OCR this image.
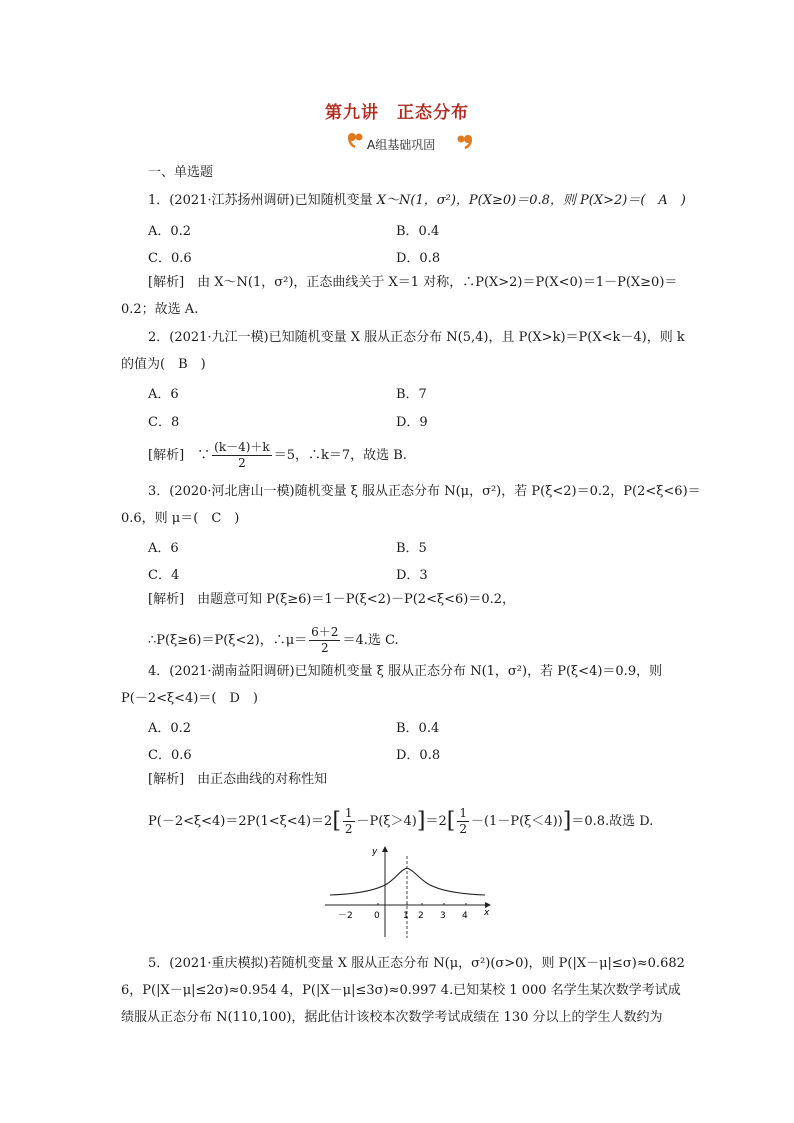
第九讲　正态分布
A组基础巩固
一、单选题
1．(2021·江苏扬州调研)已知随机变量 X～N(1，σ²)，P(X≥0)＝0.8，则 P(X>2)＝(　A　)
A．0.2	B．0.4
C．0.6	D．0.8
[解析]　由 X～N(1，σ²)，正态曲线关于 X＝1 对称，∴P(X>2)＝P(X<0)＝1－P(X≥0)＝
0.2；故选 A.
2．(2021·九江一模)已知随机变量 X 服从正态分布 N(5,4)，且 P(X>k)＝P(X<k－4)，则 k
的值为(　B　)
A．6	B．7
C．8	D．9
[解析]　∵ $\frac{(k-4)+k}{2} =5$，∴k＝7，故选 B.
3．(2020·河北唐山一模)随机变量 ξ 服从正态分布 N(μ，σ²)，若 P(ξ<2)＝0.2，P(2<ξ<6)＝
0.6，则 μ＝(　C　)
A．6	B．5
C．4	D．3
[解析]　由题意可知 P(ξ≥6)＝1－P(ξ<2)－P(2<ξ<6)＝0.2，
∴P(ξ≥6)＝P(ξ<2)，∴μ＝ $\frac{6+2}{2} =4$.选 C.
4．(2021·湖南益阳调研)已知随机变量 ξ 服从正态分布 N(1，σ²)，若 P(ξ<4)＝0.9，则
P(－2<ξ<4)＝(　D　)
A．0.2	B．0.4
C．0.6	D．0.8
[解析]　由正态曲线的对称性知
$P(-2<\xi<4)=2P(1<\xi<4)=2[ \frac{1}{2} -P(\xi>4)]=2[ \frac{1}{2} -(1-P(\xi<4))]=0.8$.故选 D.
y
x
－2 0	1 2 3 4
5．(2021·重庆模拟)若随机变量 X 服从正态分布 N(μ，σ²)(σ>0)，则 P(|X－μ|≤σ)≈0.682
6，P(|X－μ|≤2σ)≈0.954 4，P(|X－μ|≤3σ)≈0.997 4.已知某校 1 000 名学生某次数学考试成
绩服从正态分布 N(110,100)，据此估计该校本次数学考试成绩在 130 分以上的学生人数约为
